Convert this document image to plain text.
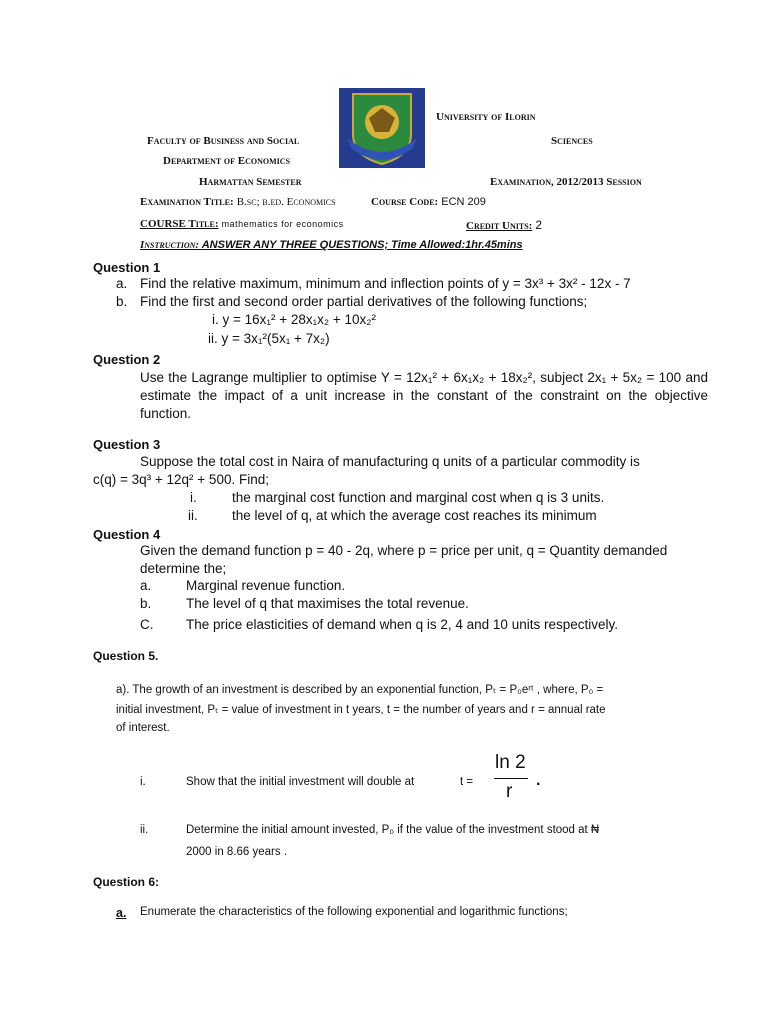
University of Ilorin
Faculty of Business and Social	Sciences
Department of Economics
Harmattan Semester	Examination, 2012/2013 Session
Examination Title: B.sc; b.ed. Economics	Course Code: ECN 209
COURSE Title: mathematics for economics	Credit Units: 2
Instruction: ANSWER ANY THREE QUESTIONS; Time Allowed:1hr.45mins
Question 1
a. Find the relative maximum, minimum and inflection points of y = 3x³ + 3x² - 12x - 7
b. Find the first and second order partial derivatives of the following functions;
i. y = 16x₁² + 28x₁x₂ + 10x₂²
ii. y = 3x₁²(5x₁ + 7x₂)
Question 2
Use the Lagrange multiplier to optimise Y = 12x₁² + 6x₁x₂ + 18x₂², subject 2x₁ + 5x₂ = 100 and estimate the impact of a unit increase in the constant of the constraint on the objective function.
Question 3
Suppose the total cost in Naira of manufacturing q units of a particular commodity is
c(q) = 3q³ + 12q² + 500. Find;
i.	the marginal cost function and marginal cost when q is 3 units.
ii.	the level of q, at which the average cost reaches its minimum
Question 4
Given the demand function p = 40 - 2q, where p = price per unit, q = Quantity demanded
determine the;
a.	Marginal revenue function.
b.	The level of q that maximises the total revenue.
C. The price elasticities of demand when q is 2, 4 and 10 units respectively.
Question 5.
a). The growth of an investment is described by an exponential function, Pₜ = P₀eʳᵗ , where, P₀ =
initial investment, Pₜ = value of investment in t years, t = the number of years and r = annual rate
of interest.
i.	Show that the initial investment will double at	t =
ln 2
r
.
ii.	Determine the initial amount invested, P₀ if the value of the investment stood at ₦
2000 in 8.66 years .
Question 6:
a. Enumerate the characteristics of the following exponential and logarithmic functions;
